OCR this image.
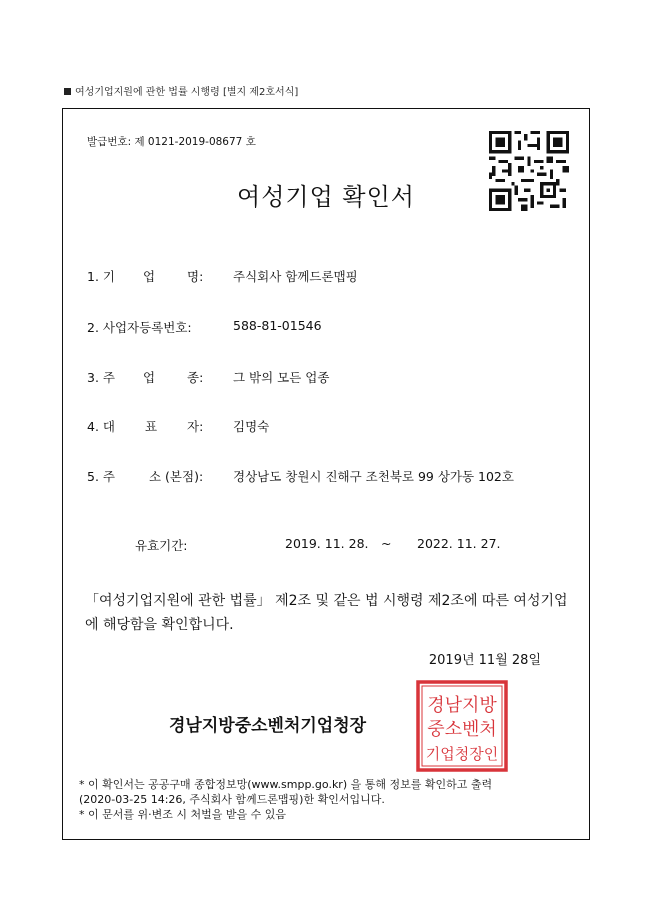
여성기업지원에 관한 법률 시행령 [별지 제2호서식]
발급번호: 제 0121-2019-08677 호
여성기업 확인서
1. 기 업	명: 주식회사 함께드론맵핑
2. 사업자등록번호:	588-81-01546
3. 주 업	종: 그 밖의 모든 업종
4. 대 표 자: 김명숙
5. 주	소 (본점): 경상남도 창원시 진해구 조천북로 99 상가동 102호
유효기간:	2019. 11. 28. ~ 2022. 11. 27.
「여성기업지원에 관한 법률」 제2조 및 같은 법 시행령 제2조에 따른 여성기업에 해당함을 확인합니다.
2019년 11월 28일
경남지방중소벤처기업청장
경남지방
중소벤처
기업청장인
* 이 확인서는 공공구매 종합정보망(www.smpp.go.kr) 을 통해 정보를 확인하고 출력
(2020-03-25 14:26, 주식회사 함께드론맵핑)한 확인서입니다.
* 이 문서를 위·변조 시 처벌을 받을 수 있음
